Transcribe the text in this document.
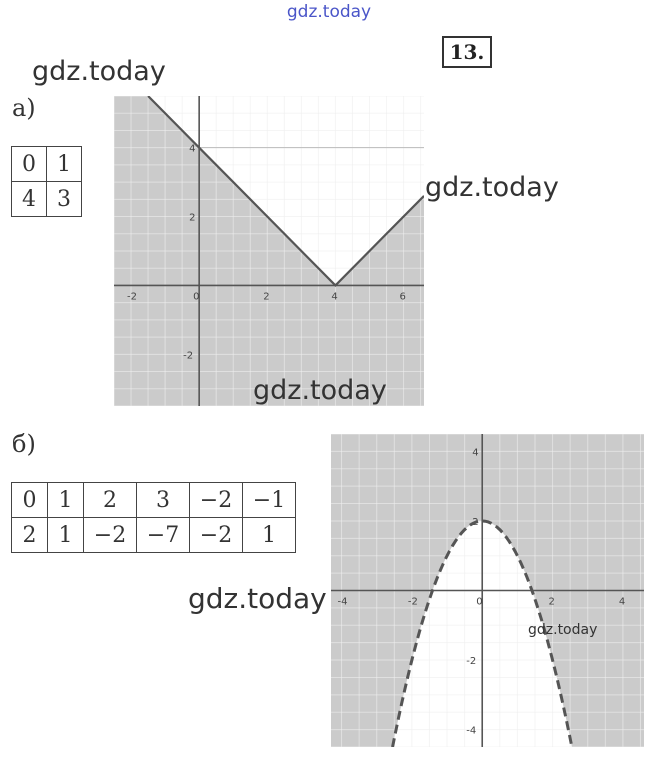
gdz.today
13.
а)
0	1
4	3
-2	0	2	4	6
4
2
-2
gdz.today
gdz.today
gdz.today
б)
0	1	2	3	−2	−1
2	1	−2	−7	−2	1
-4	-2	0	2	4
4
2
-2
-4
gdz.today
gdz.today
